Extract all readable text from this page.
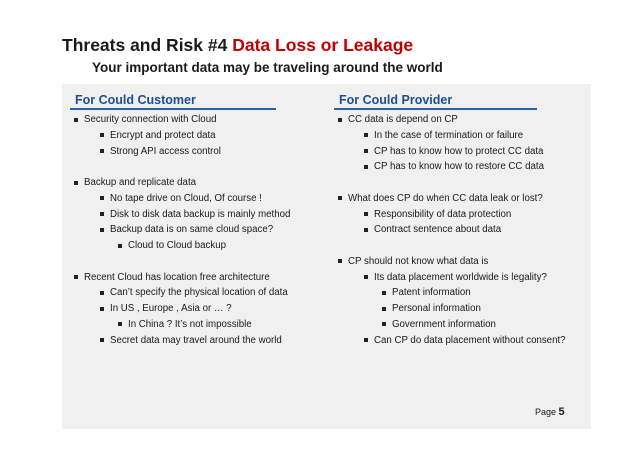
Threats and Risk #4 Data Loss or Leakage
Your important data may be traveling around the world
For Could Customer
Security connection with Cloud
Encrypt and protect data
Strong API access control
Backup and replicate data
No tape drive on Cloud, Of course !
Disk to disk data backup is mainly method
Backup data is on same cloud space?
Cloud to Cloud backup
Recent Cloud has location free architecture
Can’t specify the physical location of data
In US , Europe , Asia or … ?
In China ? It’s not impossible
Secret data may travel around the world
For Could Provider
CC data is depend on CP
In the case of termination or failure
CP has to know how to protect CC data
CP has to know how to restore CC data
What does CP do when CC data leak or lost?
Responsibility of data protection
Contract sentence about data
CP should not know what data is
Its data placement worldwide is legality?
Patent information
Personal information
Government information
Can CP do data placement without consent?
Page 5
